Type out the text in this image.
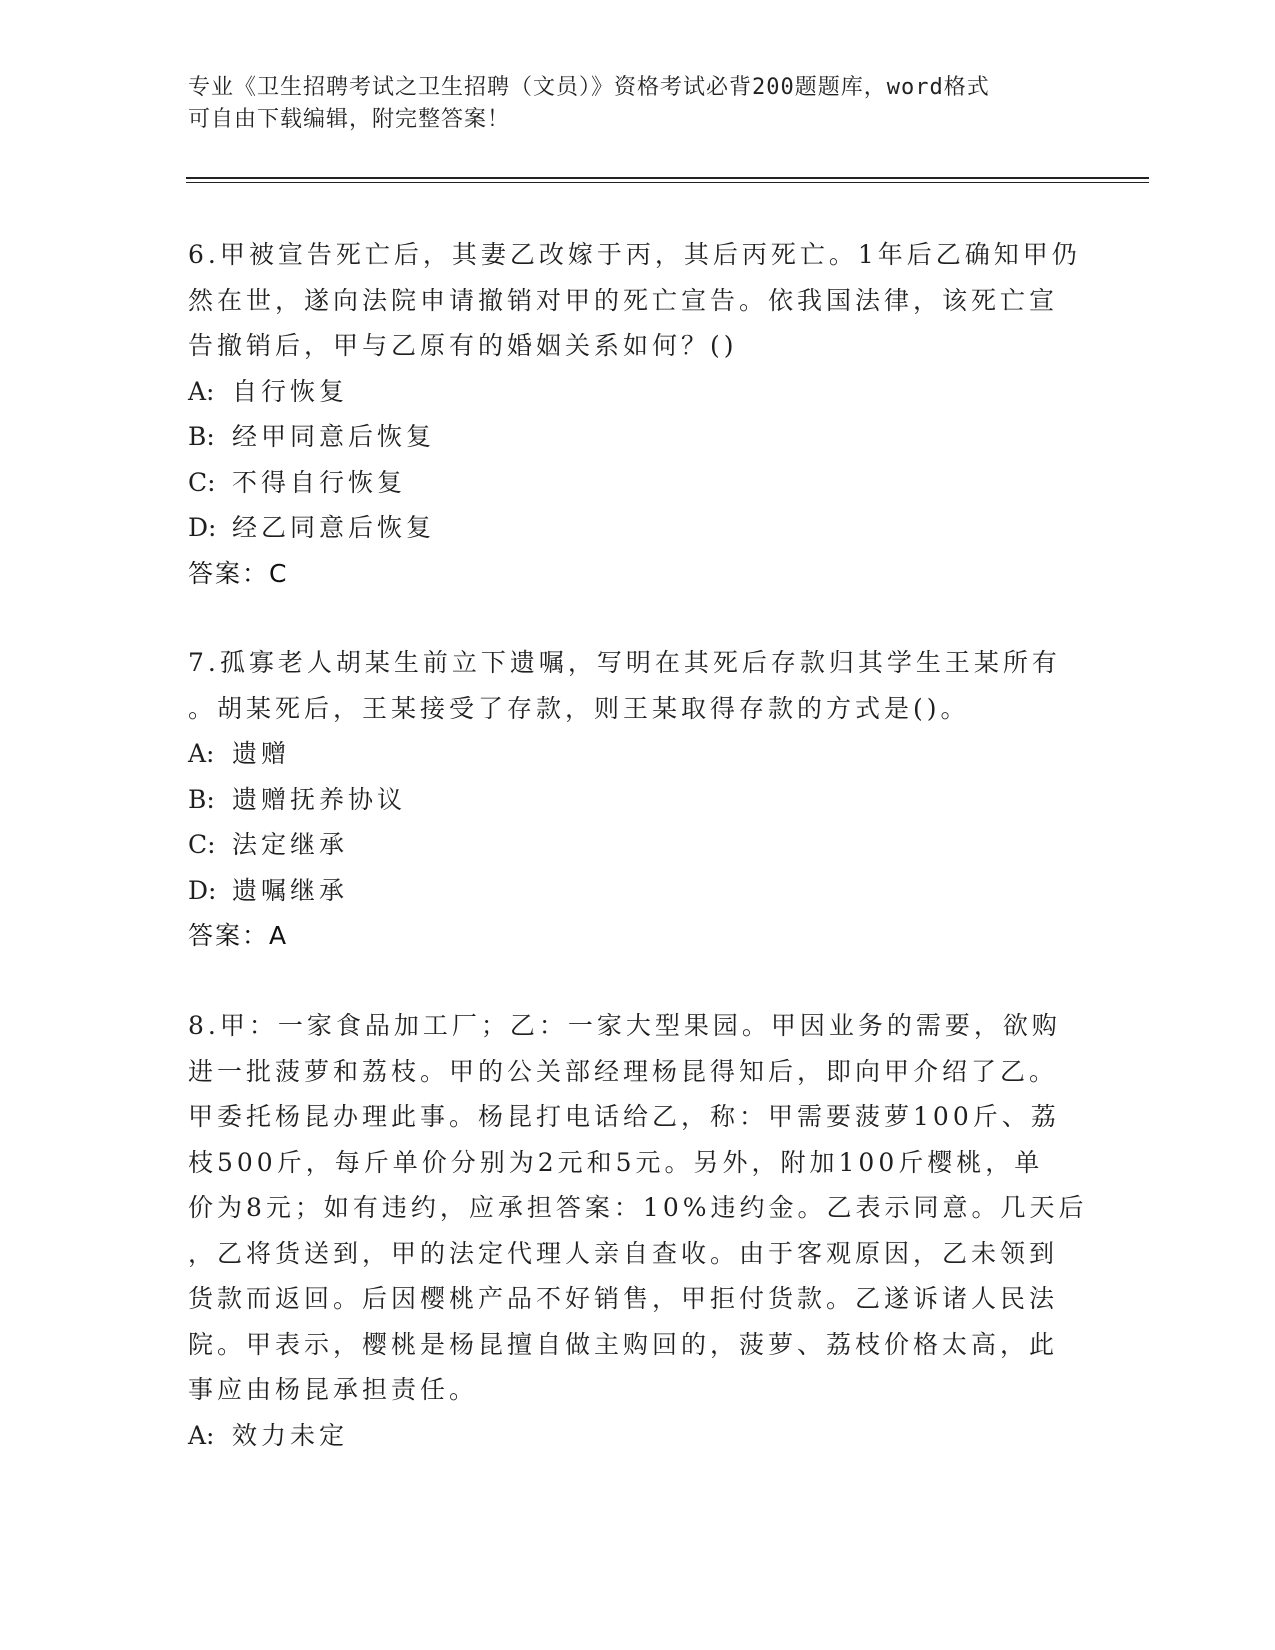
专业《卫生招聘考试之卫生招聘（文员）》资格考试必背200题题库，word格式
可自由下载编辑，附完整答案！
6.甲被宣告死亡后，其妻乙改嫁于丙，其后丙死亡。1年后乙确知甲仍
然在世，遂向法院申请撤销对甲的死亡宣告。依我国法律，该死亡宣
告撤销后，甲与乙原有的婚姻关系如何？()
A: 自行恢复
B: 经甲同意后恢复
C: 不得自行恢复
D: 经乙同意后恢复
答案：C
7.孤寡老人胡某生前立下遗嘱，写明在其死后存款归其学生王某所有
。胡某死后，王某接受了存款，则王某取得存款的方式是()。
A: 遗赠
B: 遗赠抚养协议
C: 法定继承
D: 遗嘱继承
答案：A
8.甲：一家食品加工厂；乙：一家大型果园。甲因业务的需要，欲购
进一批菠萝和荔枝。甲的公关部经理杨昆得知后，即向甲介绍了乙。
甲委托杨昆办理此事。杨昆打电话给乙，称：甲需要菠萝100斤、荔
枝500斤，每斤单价分别为2元和5元。另外，附加100斤樱桃，单
价为8元；如有违约，应承担答案：10%违约金。乙表示同意。几天后
，乙将货送到，甲的法定代理人亲自查收。由于客观原因，乙未领到
货款而返回。后因樱桃产品不好销售，甲拒付货款。乙遂诉诸人民法
院。甲表示，樱桃是杨昆擅自做主购回的，菠萝、荔枝价格太高，此
事应由杨昆承担责任。
A: 效力未定
